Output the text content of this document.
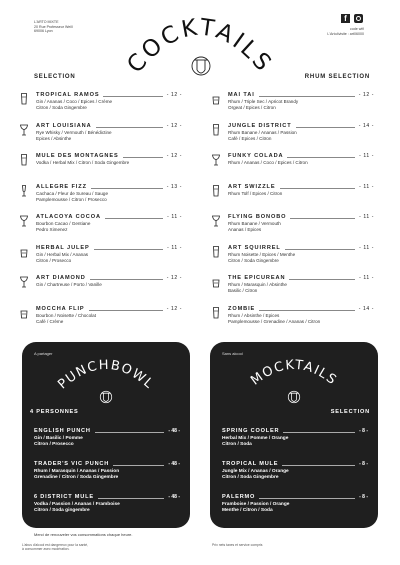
L'ARTO MIXTE
20 Rue Professeur Weill
69006 Lyon
COCKTAILS
f
code wifi
L'Arto4visite : art06000
SELECTION	RHUM SELECTION
TROPICAL RAMOS	- 12 -
Gin / Ananas / Coco / Epices / Crème
Citron / Soda Gingembre
ART LOUISIANA	- 12 -
Rye Whisky / Vermouth / Bénédictine
Epices / Absinthe
MULE DES MONTAGNES	- 12 -
Vodka / Herbal Mix / Citron / Soda Gingembre
ALLEGRE FIZZ	- 13 -
Cachaca / Fleur de Sureau / Sauge
Pamplemousse / Citron / Prosecco
ATLACOYA COCOA	- 11 -
Bourbon Cacao / Gentiane
Pedro Ximenez
HERBAL JULEP	- 11 -
Gin / Herbal Mix / Ananas
Citron / Prosecco
ART DIAMOND	- 12 -
Gin / Chartreuse / Porto / Vanille
MOCCHA FLIP	- 12 -
Bourbon / Noisette / Chocolat
Café / Crème
MAI TAI	- 12 -
Rhum / Triple Sec / Apricot Brandy
Orgeat / Epices / Citron
JUNGLE DISTRICT	- 14 -
Rhum Banane / Ananas / Passion
Café / Epices / Citron
FUNKY COLADA	- 11 -
Rhum / Ananas / Coco / Epices / Citron
ART SWIZZLE	- 11 -
Rhum Tolf / Epices / Citron
FLYING BONOBO	- 11 -
Rhum Banane / Vermouth
Ananas / Epices
ART SQUIRREL	- 11 -
Rhum Noisette / Epices / Menthe
Citron / Soda Gingembre
THE EPICUREAN	- 11 -
Rhum / Marasquin / Absinthe
Basilic / Citron
ZOMBIE	- 14 -
Rhum / Absinthe / Epices
Pamplemousse / Grenadine / Ananas / Citron
A partager
PUNCHBOWL
4 PERSONNES
ENGLISH PUNCH	- 48 -
Gin / Basilic / Pomme
Citron / Prosecco
TRADER'S VIC PUNCH	- 48 -
Rhum / Marasquin / Ananas / Passion
Grenadine / Citron / Soda Gingembre
6 DISTRICT MULE	- 48 -
Vodka / Passion / Ananas / Framboise
Citron / Soda gingembre
Sans alcool
MOCKTAILS
SELECTION
SPRING COOLER	- 8 -
Herbal Mix / Pomme / Orange
Citron / Soda
TROPICAL MULE	- 8 -
Jungle Mix / Ananas / Orange
Citron / Soda Gingembre
PALERMO	- 8 -
Framboise / Passion / Orange
Menthe / Citron / Soda
Merci de renouveler vos consommations chaque heure.
L'abus d'alcool est dangereux pour la santé,
à consommer avec modération.
Prix nets taxes et service compris
